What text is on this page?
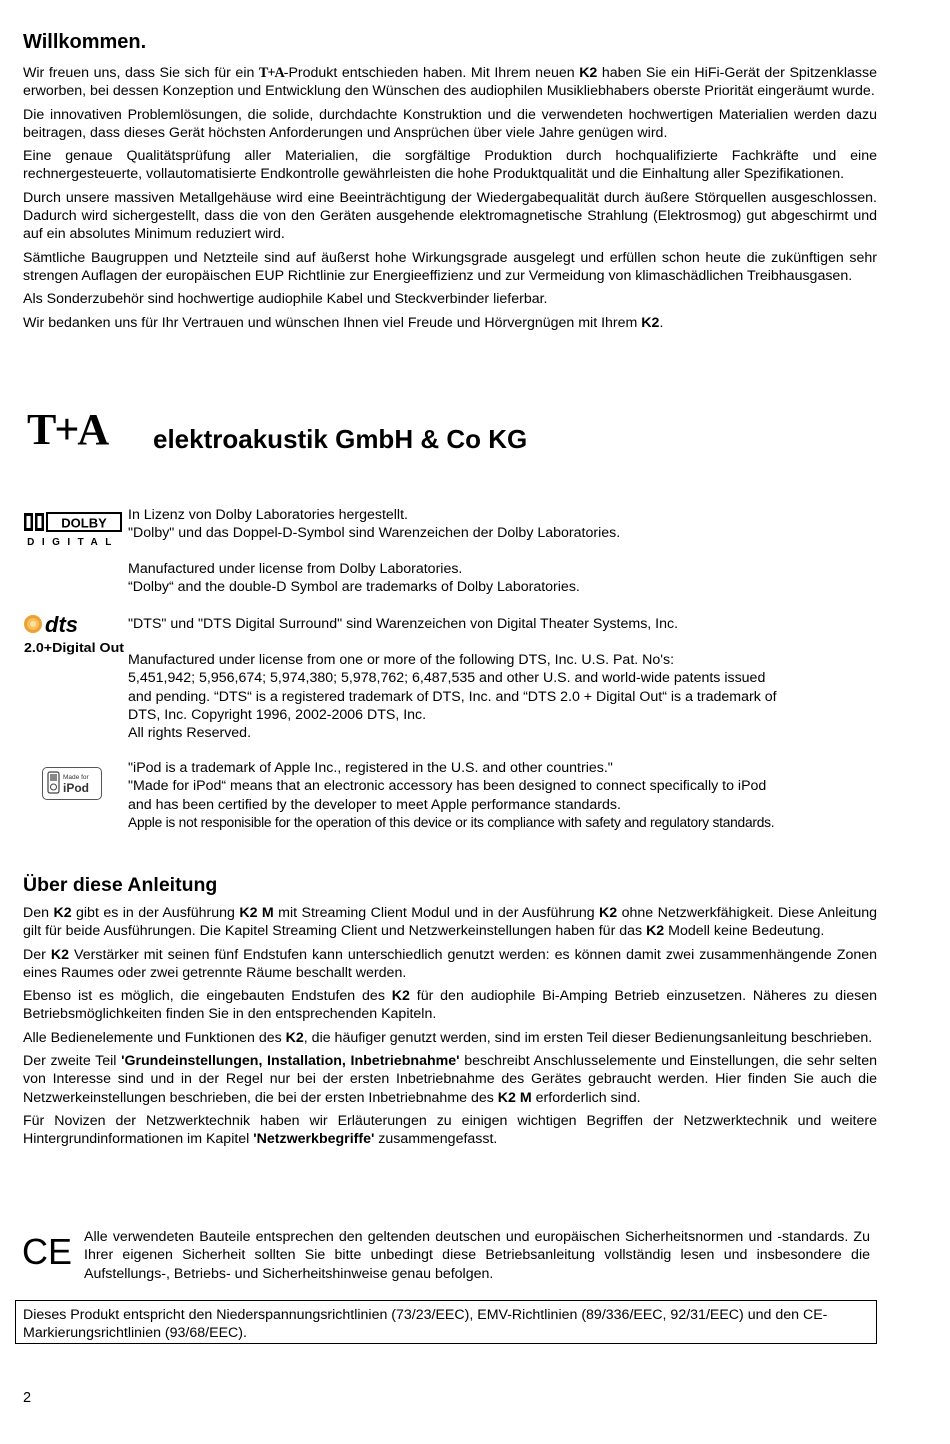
Willkommen.

Wir freuen uns, dass Sie sich für ein T+A-Produkt entschieden haben. Mit Ihrem neuen K2 haben Sie ein HiFi-Gerät der Spitzenklasse erworben, bei dessen Konzeption und Entwicklung den Wünschen des audiophilen Musikliebhabers oberste Priorität eingeräumt wurde.

Die innovativen Problemlösungen, die solide, durchdachte Konstruktion und die verwendeten hochwertigen Materialien werden dazu beitragen, dass dieses Gerät höchsten Anforderungen und Ansprüchen über viele Jahre genügen wird.

Eine genaue Qualitätsprüfung aller Materialien, die sorgfältige Produktion durch hochqualifizierte Fachkräfte und eine rechnergesteuerte, vollautomatisierte Endkontrolle gewährleisten die hohe Produktqualität und die Einhaltung aller Spezifikationen.

Durch unsere massiven Metallgehäuse wird eine Beeinträchtigung der Wiedergabequalität durch äußere Störquellen ausgeschlossen. Dadurch wird sichergestellt, dass die von den Geräten ausgehende elektromagnetische Strahlung (Elektrosmog) gut abgeschirmt und auf ein absolutes Minimum reduziert wird.

Sämtliche Baugruppen und Netzteile sind auf äußerst hohe Wirkungsgrade ausgelegt und erfüllen schon heute die zukünftigen sehr strengen Auflagen der europäischen EUP Richtlinie zur Energieeffizienz und zur Vermeidung von klimaschädlichen Treibhausgasen.

Als Sonderzubehör sind hochwertige audiophile Kabel und Steckverbinder lieferbar.

Wir bedanken uns für Ihr Vertrauen und wünschen Ihnen viel Freude und Hörvergnügen mit Ihrem K2.

T+A elektroakustik GmbH & Co KG
DOLBY
DIGITAL
In Lizenz von Dolby Laboratories hergestellt.
"Dolby" und das Doppel-D-Symbol sind Warenzeichen der Dolby Laboratories.
Manufactured under license from Dolby Laboratories.
“Dolby“ and the double-D Symbol are trademarks of Dolby Laboratories.
dts
2.0+Digital Out
"DTS" und "DTS Digital Surround" sind Warenzeichen von Digital Theater Systems, Inc.
Manufactured under license from one or more of the following DTS, Inc. U.S. Pat. No's:
5,451,942; 5,956,674; 5,974,380; 5,978,762; 6,487,535 and other U.S. and world-wide patents issued
and pending. “DTS“ is a registered trademark of DTS, Inc. and “DTS 2.0 + Digital Out“ is a trademark of
DTS, Inc. Copyright 1996, 2002-2006 DTS, Inc.
All rights Reserved.
Made for
iPod
"iPod is a trademark of Apple Inc., registered in the U.S. and other countries."
"Made for iPod“ means that an electronic accessory has been designed to connect specifically to iPod
and has been certified by the developer to meet Apple performance standards.
Apple is not responisible for the operation of this device or its compliance with safety and regulatory standards.
Über diese Anleitung

Den K2 gibt es in der Ausführung K2 M mit Streaming Client Modul und in der Ausführung K2 ohne Netzwerkfähigkeit. Diese Anleitung gilt für beide Ausführungen. Die Kapitel Streaming Client und Netzwerkeinstellungen haben für das K2 Modell keine Bedeutung.

Der K2 Verstärker mit seinen fünf Endstufen kann unterschiedlich genutzt werden: es können damit zwei zusammenhängende Zonen eines Raumes oder zwei getrennte Räume beschallt werden.

Ebenso ist es möglich, die eingebauten Endstufen des K2 für den audiophile Bi-Amping Betrieb einzusetzen. Näheres zu diesen Betriebsmöglichkeiten finden Sie in den entsprechenden Kapiteln.

Alle Bedienelemente und Funktionen des K2, die häufiger genutzt werden, sind im ersten Teil dieser Bedienungsanleitung beschrieben.

Der zweite Teil 'Grundeinstellungen, Installation, Inbetriebnahme' beschreibt Anschlusselemente und Einstellungen, die sehr selten von Interesse sind und in der Regel nur bei der ersten Inbetriebnahme des Gerätes gebraucht werden. Hier finden Sie auch die Netzwerkeinstellungen beschrieben, die bei der ersten Inbetriebnahme des K2 M erforderlich sind.

Für Novizen der Netzwerktechnik haben wir Erläuterungen zu einigen wichtigen Begriffen der Netzwerktechnik und weitere Hintergrundinformationen im Kapitel 'Netzwerkbegriffe' zusammengefasst.

CE Alle verwendeten Bauteile entsprechen den geltenden deutschen und europäischen Sicherheitsnormen und -standards. Zu Ihrer eigenen Sicherheit sollten Sie bitte unbedingt diese Betriebsanleitung vollständig lesen und insbesondere die Aufstellungs-, Betriebs- und Sicherheitshinweise genau befolgen.

Dieses Produkt entspricht den Niederspannungsrichtlinien (73/23/EEC), EMV-Richtlinien (89/336/EEC, 92/31/EEC) und den CE-Markierungsrichtlinien (93/68/EEC).
2
